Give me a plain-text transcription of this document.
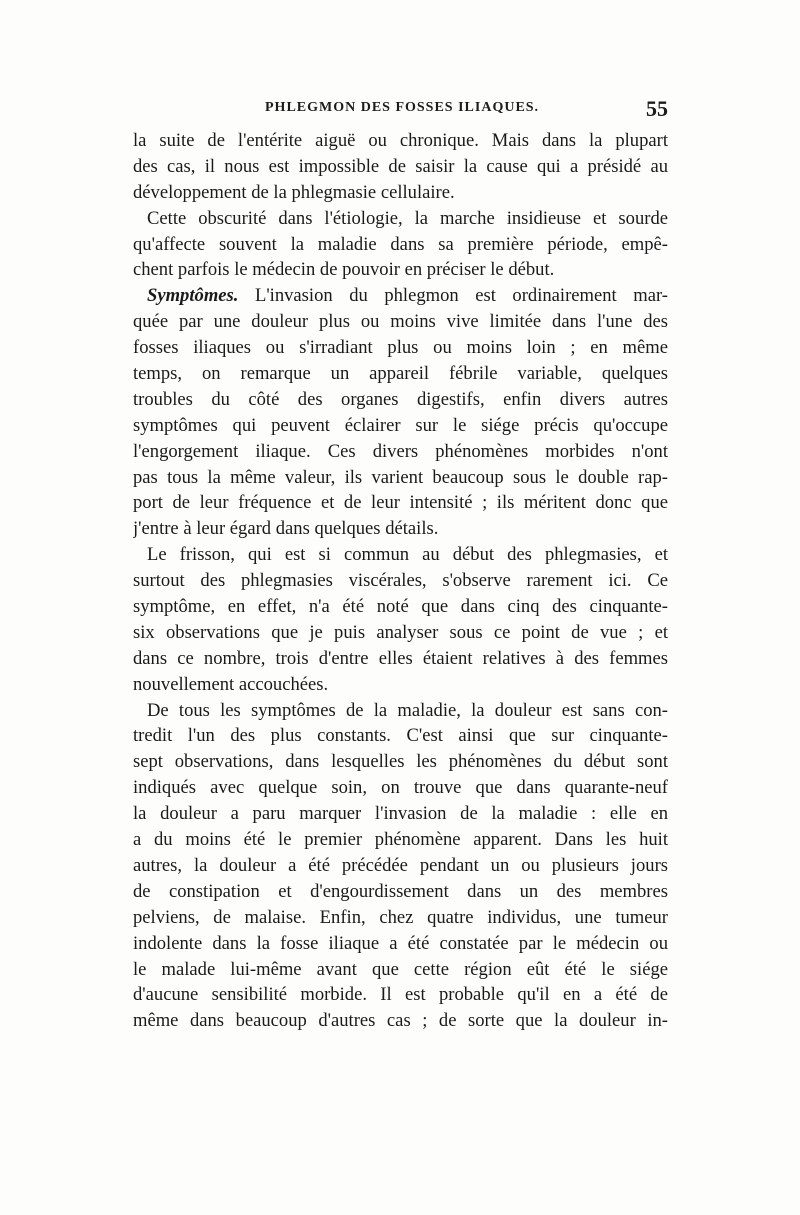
PHLEGMON DES FOSSES ILIAQUES.	55
la suite de l'entérite aiguë ou chronique. Mais dans la plupart
des cas, il nous est impossible de saisir la cause qui a présidé au
développement de la phlegmasie cellulaire.
Cette obscurité dans l'étiologie, la marche insidieuse et sourde
qu'affecte souvent la maladie dans sa première période, empê-
chent parfois le médecin de pouvoir en préciser le début.
Symptômes. L'invasion du phlegmon est ordinairement mar-
quée par une douleur plus ou moins vive limitée dans l'une des
fosses iliaques ou s'irradiant plus ou moins loin ; en même
temps, on remarque un appareil fébrile variable, quelques
troubles du côté des organes digestifs, enfin divers autres
symptômes qui peuvent éclairer sur le siége précis qu'occupe
l'engorgement iliaque. Ces divers phénomènes morbides n'ont
pas tous la même valeur, ils varient beaucoup sous le double rap-
port de leur fréquence et de leur intensité ; ils méritent donc que
j'entre à leur égard dans quelques détails.
Le frisson, qui est si commun au début des phlegmasies, et
surtout des phlegmasies viscérales, s'observe rarement ici. Ce
symptôme, en effet, n'a été noté que dans cinq des cinquante-
six observations que je puis analyser sous ce point de vue ; et
dans ce nombre, trois d'entre elles étaient relatives à des femmes
nouvellement accouchées.
De tous les symptômes de la maladie, la douleur est sans con-
tredit l'un des plus constants. C'est ainsi que sur cinquante-
sept observations, dans lesquelles les phénomènes du début sont
indiqués avec quelque soin, on trouve que dans quarante-neuf
la douleur a paru marquer l'invasion de la maladie : elle en
a du moins été le premier phénomène apparent. Dans les huit
autres, la douleur a été précédée pendant un ou plusieurs jours
de constipation et d'engourdissement dans un des membres
pelviens, de malaise. Enfin, chez quatre individus, une tumeur
indolente dans la fosse iliaque a été constatée par le médecin ou
le malade lui-même avant que cette région eût été le siége
d'aucune sensibilité morbide. Il est probable qu'il en a été de
même dans beaucoup d'autres cas ; de sorte que la douleur in-
